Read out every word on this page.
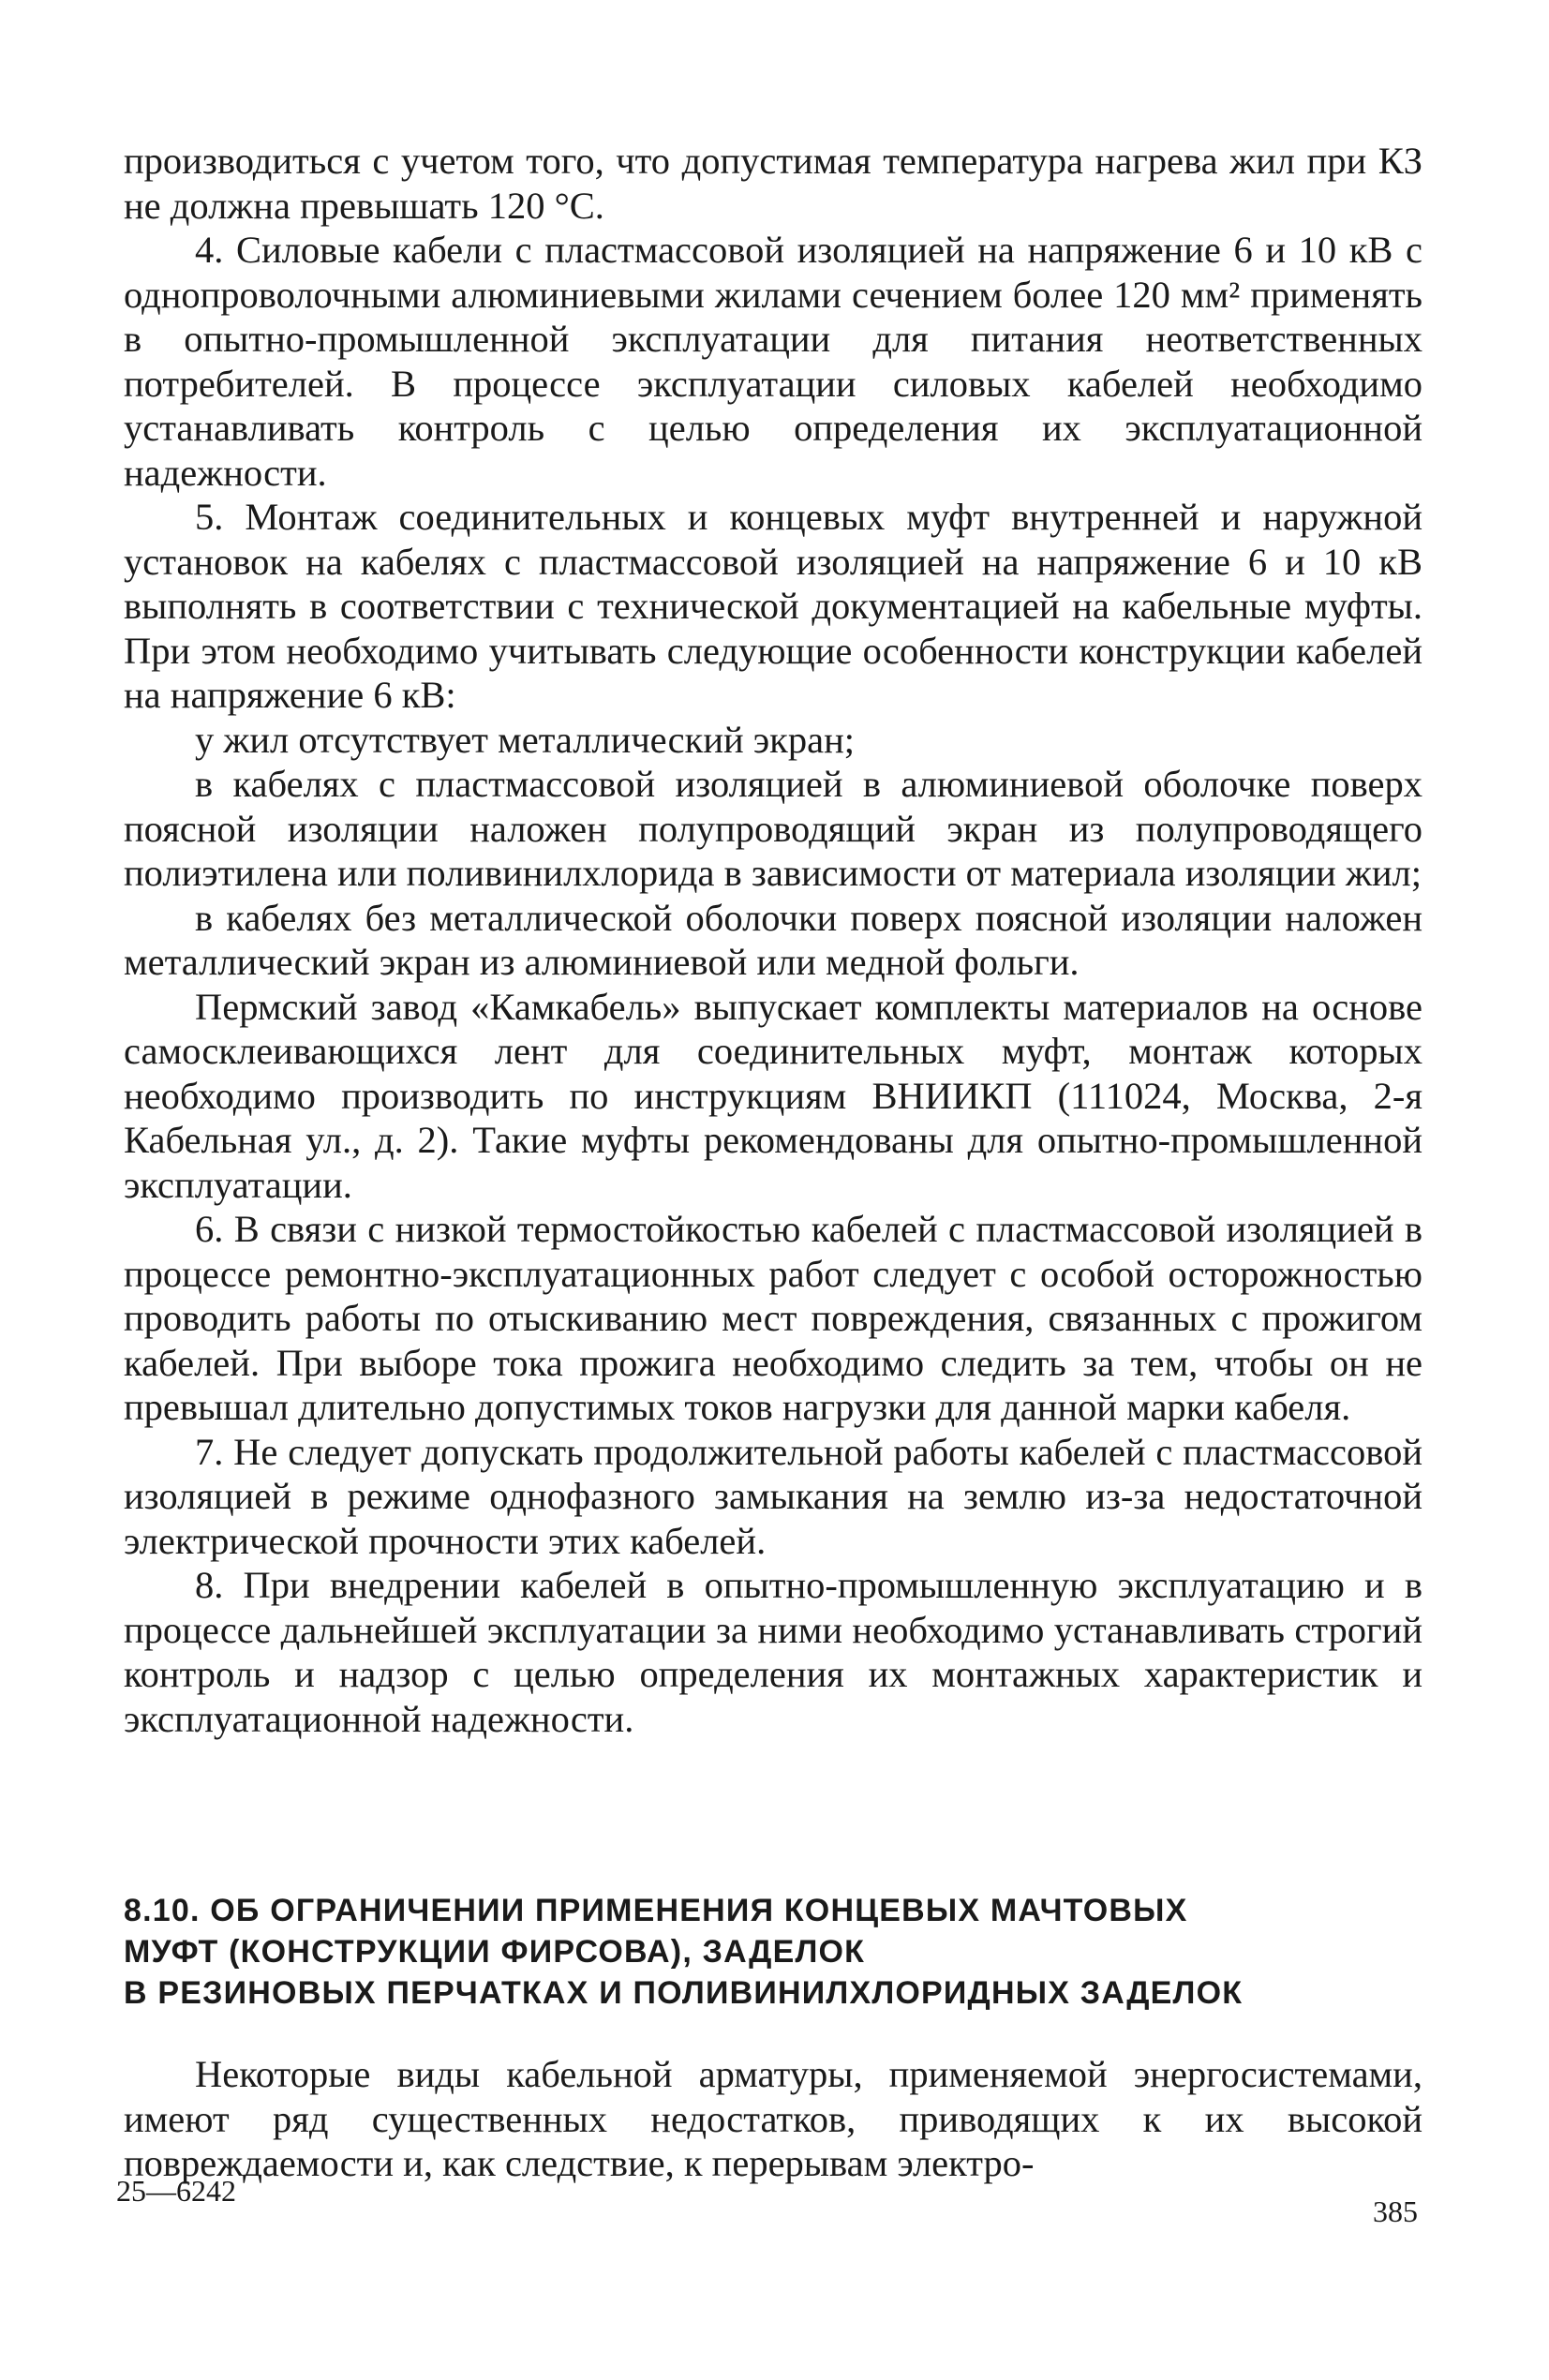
производиться с учетом того, что допустимая температура нагрева жил при КЗ не должна превышать 120 °С.

4. Силовые кабели с пластмассовой изоляцией на напряжение 6 и 10 кВ с однопроволочными алюминиевыми жилами сечением более 120 мм² применять в опытно-промышленной эксплуатации для питания неответственных потребителей. В процессе эксплуатации силовых кабелей необходимо устанавливать контроль с целью определения их эксплуатационной надежности.

5. Монтаж соединительных и концевых муфт внутренней и наружной установок на кабелях с пластмассовой изоляцией на напряжение 6 и 10 кВ выполнять в соответствии с технической документацией на кабельные муфты. При этом необходимо учитывать следующие особенности конструкции кабелей на напряжение 6 кВ:

у жил отсутствует металлический экран;

в кабелях с пластмассовой изоляцией в алюминиевой оболочке поверх поясной изоляции наложен полупроводящий экран из полупроводящего полиэтилена или поливинилхлорида в зависимости от материала изоляции жил;

в кабелях без металлической оболочки поверх поясной изоляции наложен металлический экран из алюминиевой или медной фольги.

Пермский завод «Камкабель» выпускает комплекты материалов на основе самосклеивающихся лент для соединительных муфт, монтаж которых необходимо производить по инструкциям ВНИИКП (111024, Москва, 2-я Кабельная ул., д. 2). Такие муфты рекомендованы для опытно-промышленной эксплуатации.

6. В связи с низкой термостойкостью кабелей с пластмассовой изоляцией в процессе ремонтно-эксплуатационных работ следует с особой осторожностью проводить работы по отыскиванию мест повреждения, связанных с прожигом кабелей. При выборе тока прожига необходимо следить за тем, чтобы он не превышал длительно допустимых токов нагрузки для данной марки кабеля.

7. Не следует допускать продолжительной работы кабелей с пластмассовой изоляцией в режиме однофазного замыкания на землю из-за недостаточной электрической прочности этих кабелей.

8. При внедрении кабелей в опытно-промышленную эксплуатацию и в процессе дальнейшей эксплуатации за ними необходимо устанавливать строгий контроль и надзор с целью определения их монтажных характеристик и эксплуатационной надежности.

8.10. ОБ ОГРАНИЧЕНИИ ПРИМЕНЕНИЯ КОНЦЕВЫХ МАЧТОВЫХ
МУФТ (КОНСТРУКЦИИ ФИРСОВА), ЗАДЕЛОК
В РЕЗИНОВЫХ ПЕРЧАТКАХ И ПОЛИВИНИЛХЛОРИДНЫХ ЗАДЕЛОК

Некоторые виды кабельной арматуры, применяемой энергосистемами, имеют ряд существенных недостатков, приводящих к их высокой повреждаемости и, как следствие, к перерывам электро-

25—6242
385
